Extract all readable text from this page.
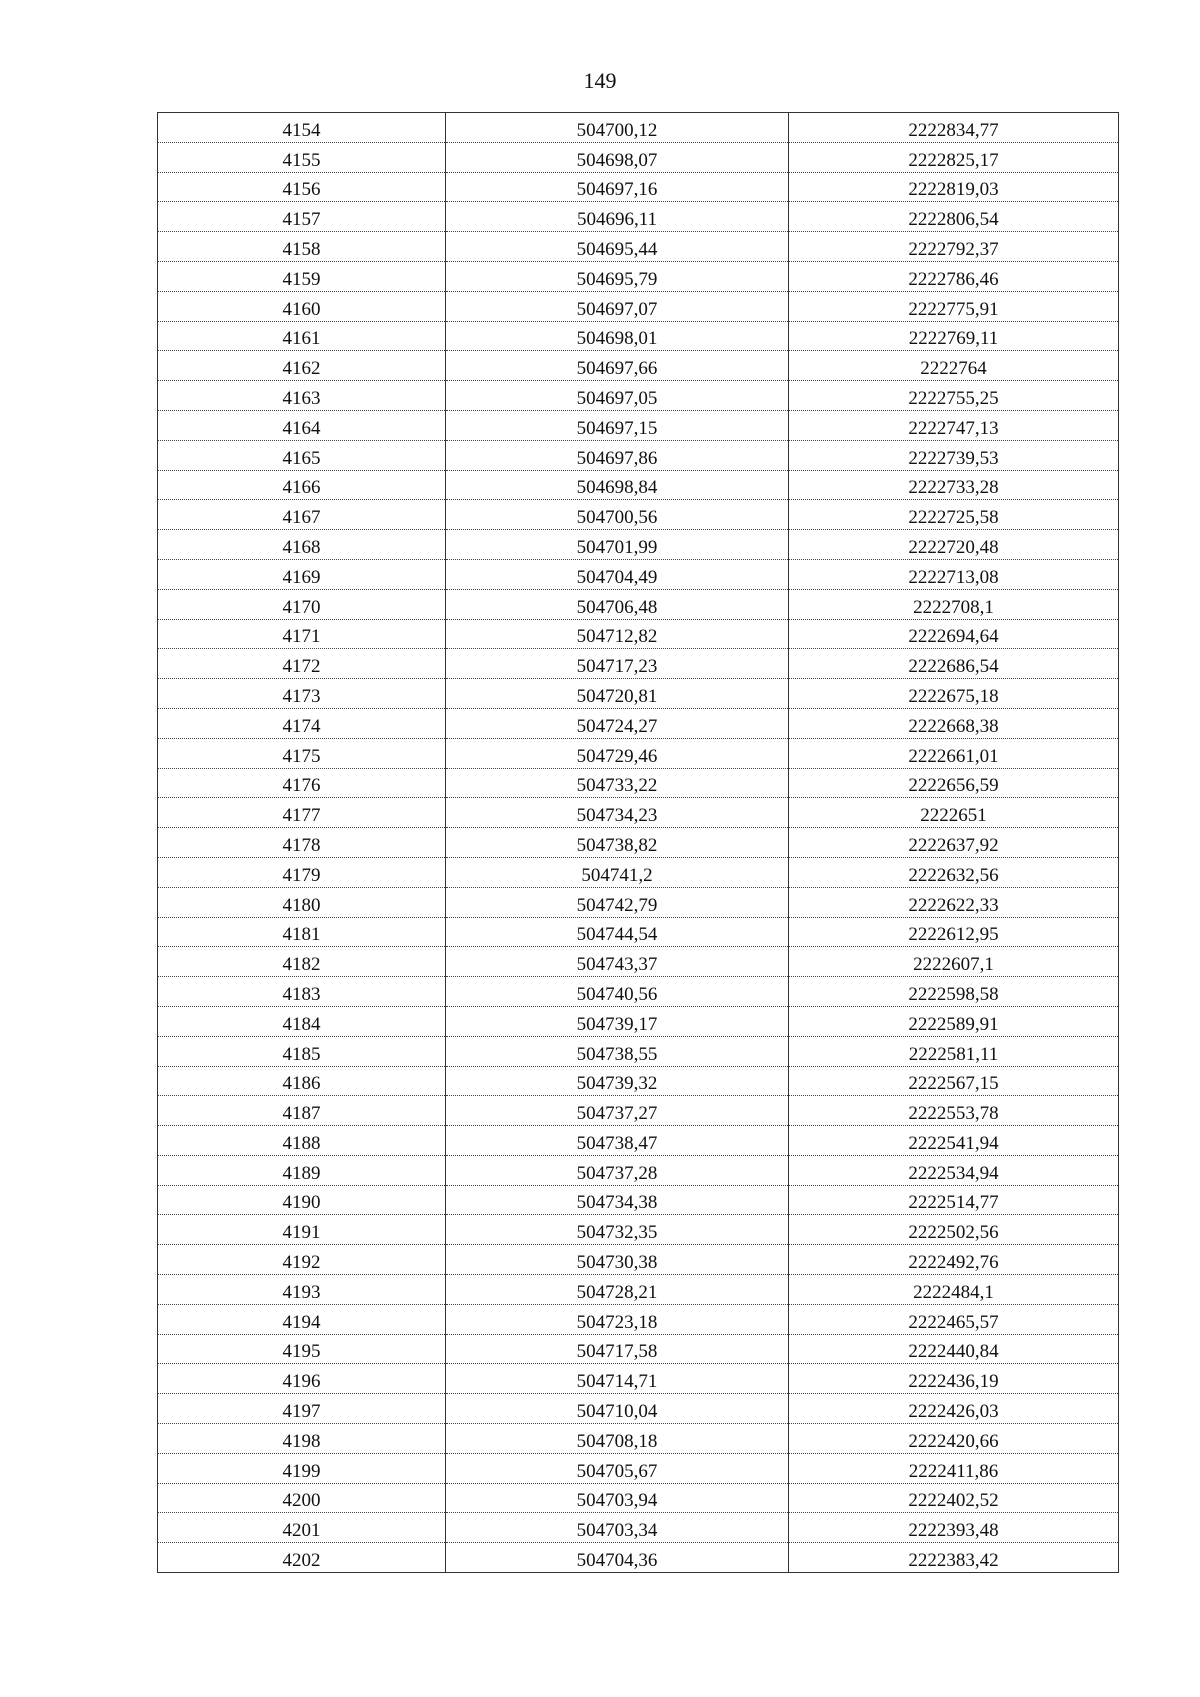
149
4154	504700,12	2222834,77
4155	504698,07	2222825,17
4156	504697,16	2222819,03
4157	504696,11	2222806,54
4158	504695,44	2222792,37
4159	504695,79	2222786,46
4160	504697,07	2222775,91
4161	504698,01	2222769,11
4162	504697,66	2222764
4163	504697,05	2222755,25
4164	504697,15	2222747,13
4165	504697,86	2222739,53
4166	504698,84	2222733,28
4167	504700,56	2222725,58
4168	504701,99	2222720,48
4169	504704,49	2222713,08
4170	504706,48	2222708,1
4171	504712,82	2222694,64
4172	504717,23	2222686,54
4173	504720,81	2222675,18
4174	504724,27	2222668,38
4175	504729,46	2222661,01
4176	504733,22	2222656,59
4177	504734,23	2222651
4178	504738,82	2222637,92
4179	504741,2	2222632,56
4180	504742,79	2222622,33
4181	504744,54	2222612,95
4182	504743,37	2222607,1
4183	504740,56	2222598,58
4184	504739,17	2222589,91
4185	504738,55	2222581,11
4186	504739,32	2222567,15
4187	504737,27	2222553,78
4188	504738,47	2222541,94
4189	504737,28	2222534,94
4190	504734,38	2222514,77
4191	504732,35	2222502,56
4192	504730,38	2222492,76
4193	504728,21	2222484,1
4194	504723,18	2222465,57
4195	504717,58	2222440,84
4196	504714,71	2222436,19
4197	504710,04	2222426,03
4198	504708,18	2222420,66
4199	504705,67	2222411,86
4200	504703,94	2222402,52
4201	504703,34	2222393,48
4202	504704,36	2222383,42
